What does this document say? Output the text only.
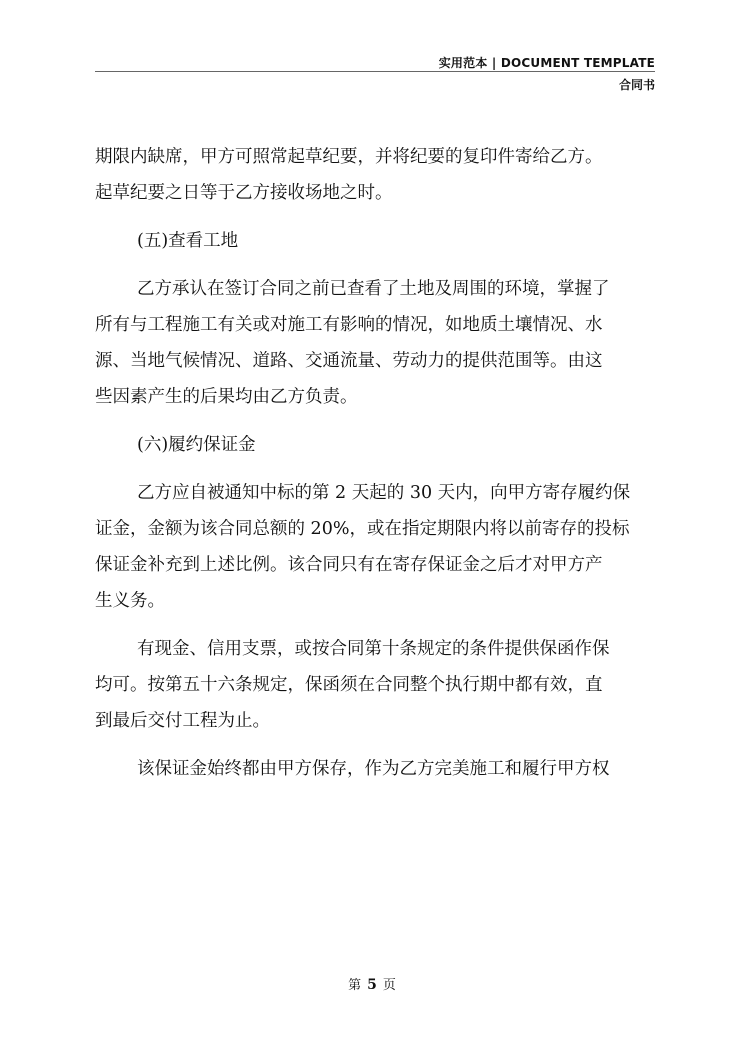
实用范本 | DOCUMENT TEMPLATE
合同书
期限内缺席，甲方可照常起草纪要，并将纪要的复印件寄给乙方。
起草纪要之日等于乙方接收场地之时。
(五)查看工地
乙方承认在签订合同之前已查看了土地及周围的环境，掌握了
所有与工程施工有关或对施工有影响的情况，如地质土壤情况、水
源、当地气候情况、道路、交通流量、劳动力的提供范围等。由这
些因素产生的后果均由乙方负责。
(六)履约保证金
乙方应自被通知中标的第 2 天起的 30 天内，向甲方寄存履约保
证金，金额为该合同总额的 20%，或在指定期限内将以前寄存的投标
保证金补充到上述比例。该合同只有在寄存保证金之后才对甲方产
生义务。
有现金、信用支票，或按合同第十条规定的条件提供保函作保
均可。按第五十六条规定，保函须在合同整个执行期中都有效，直
到最后交付工程为止。
该保证金始终都由甲方保存，作为乙方完美施工和履行甲方权
第 5 页
